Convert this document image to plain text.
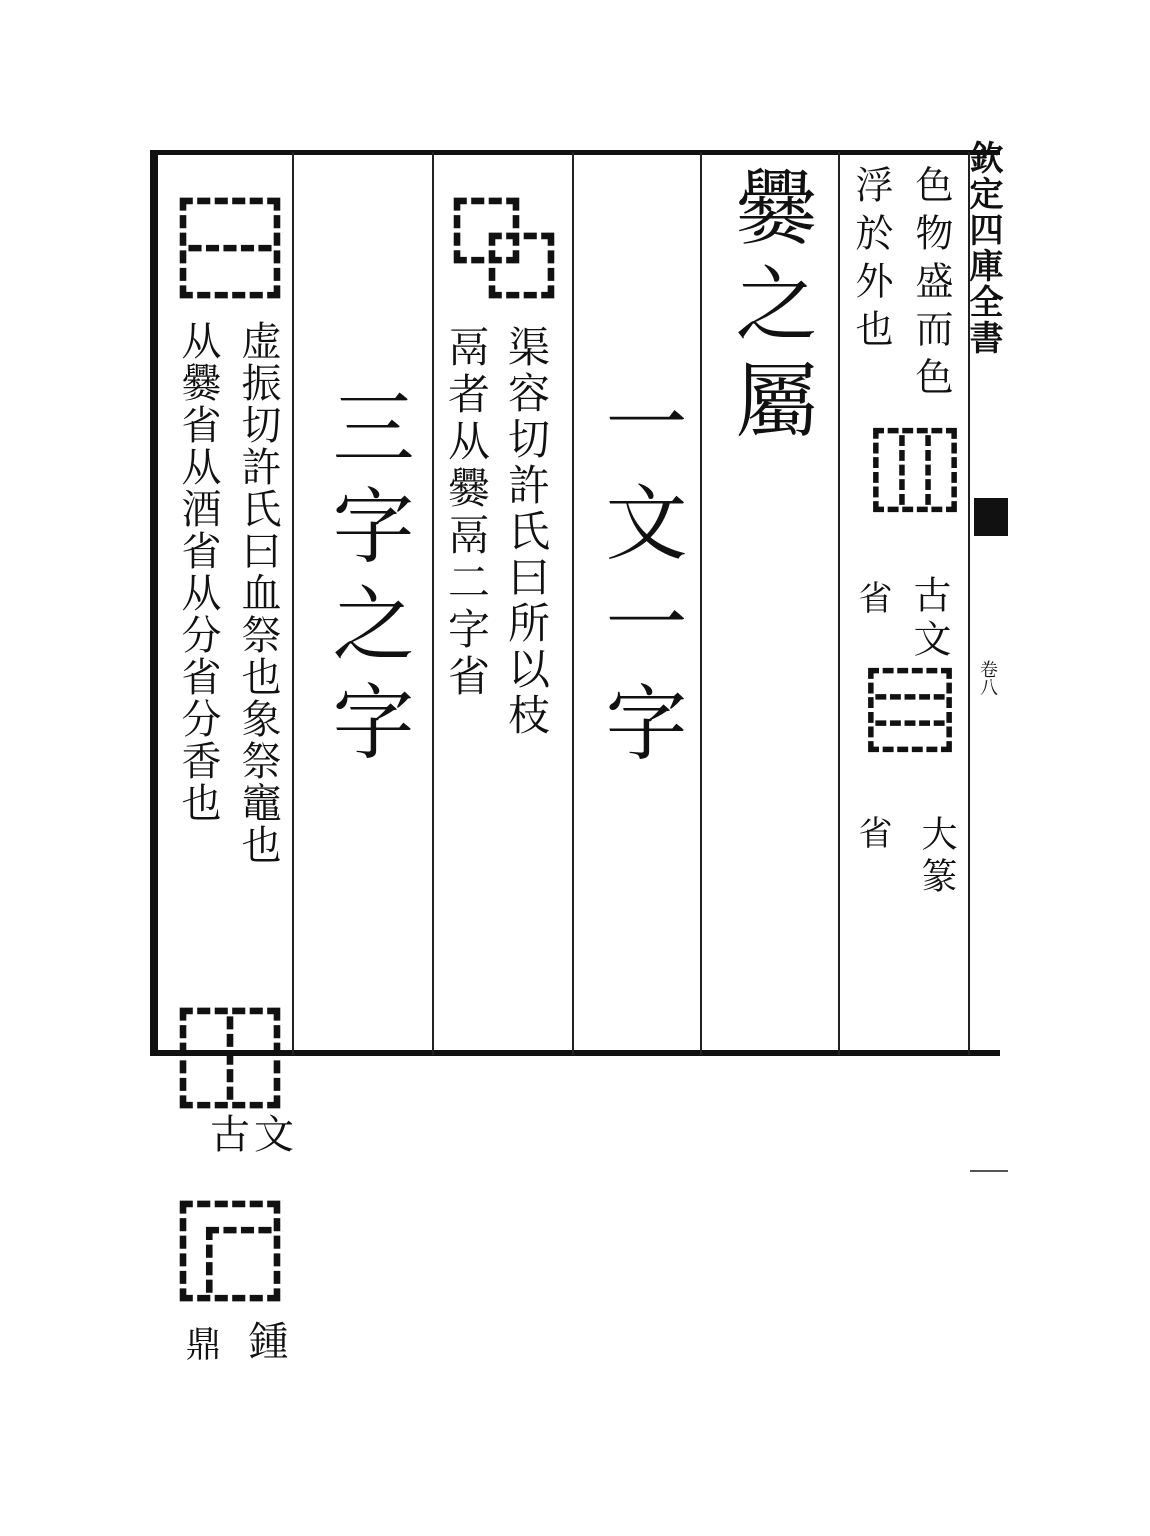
欽定四庫全書
卷八
色物盛而色
浮於外也
⿲
古文
省
⿳
大篆
省
爨之屬
一文一字
⿻
渠容切許氏曰所以枝
鬲者从爨鬲二字省
三字之字
⿱
虚振切許氏曰血祭也象祭竈也
从爨省从酒省从分省分香也
⿰
古文
⿸
鍾
鼎
